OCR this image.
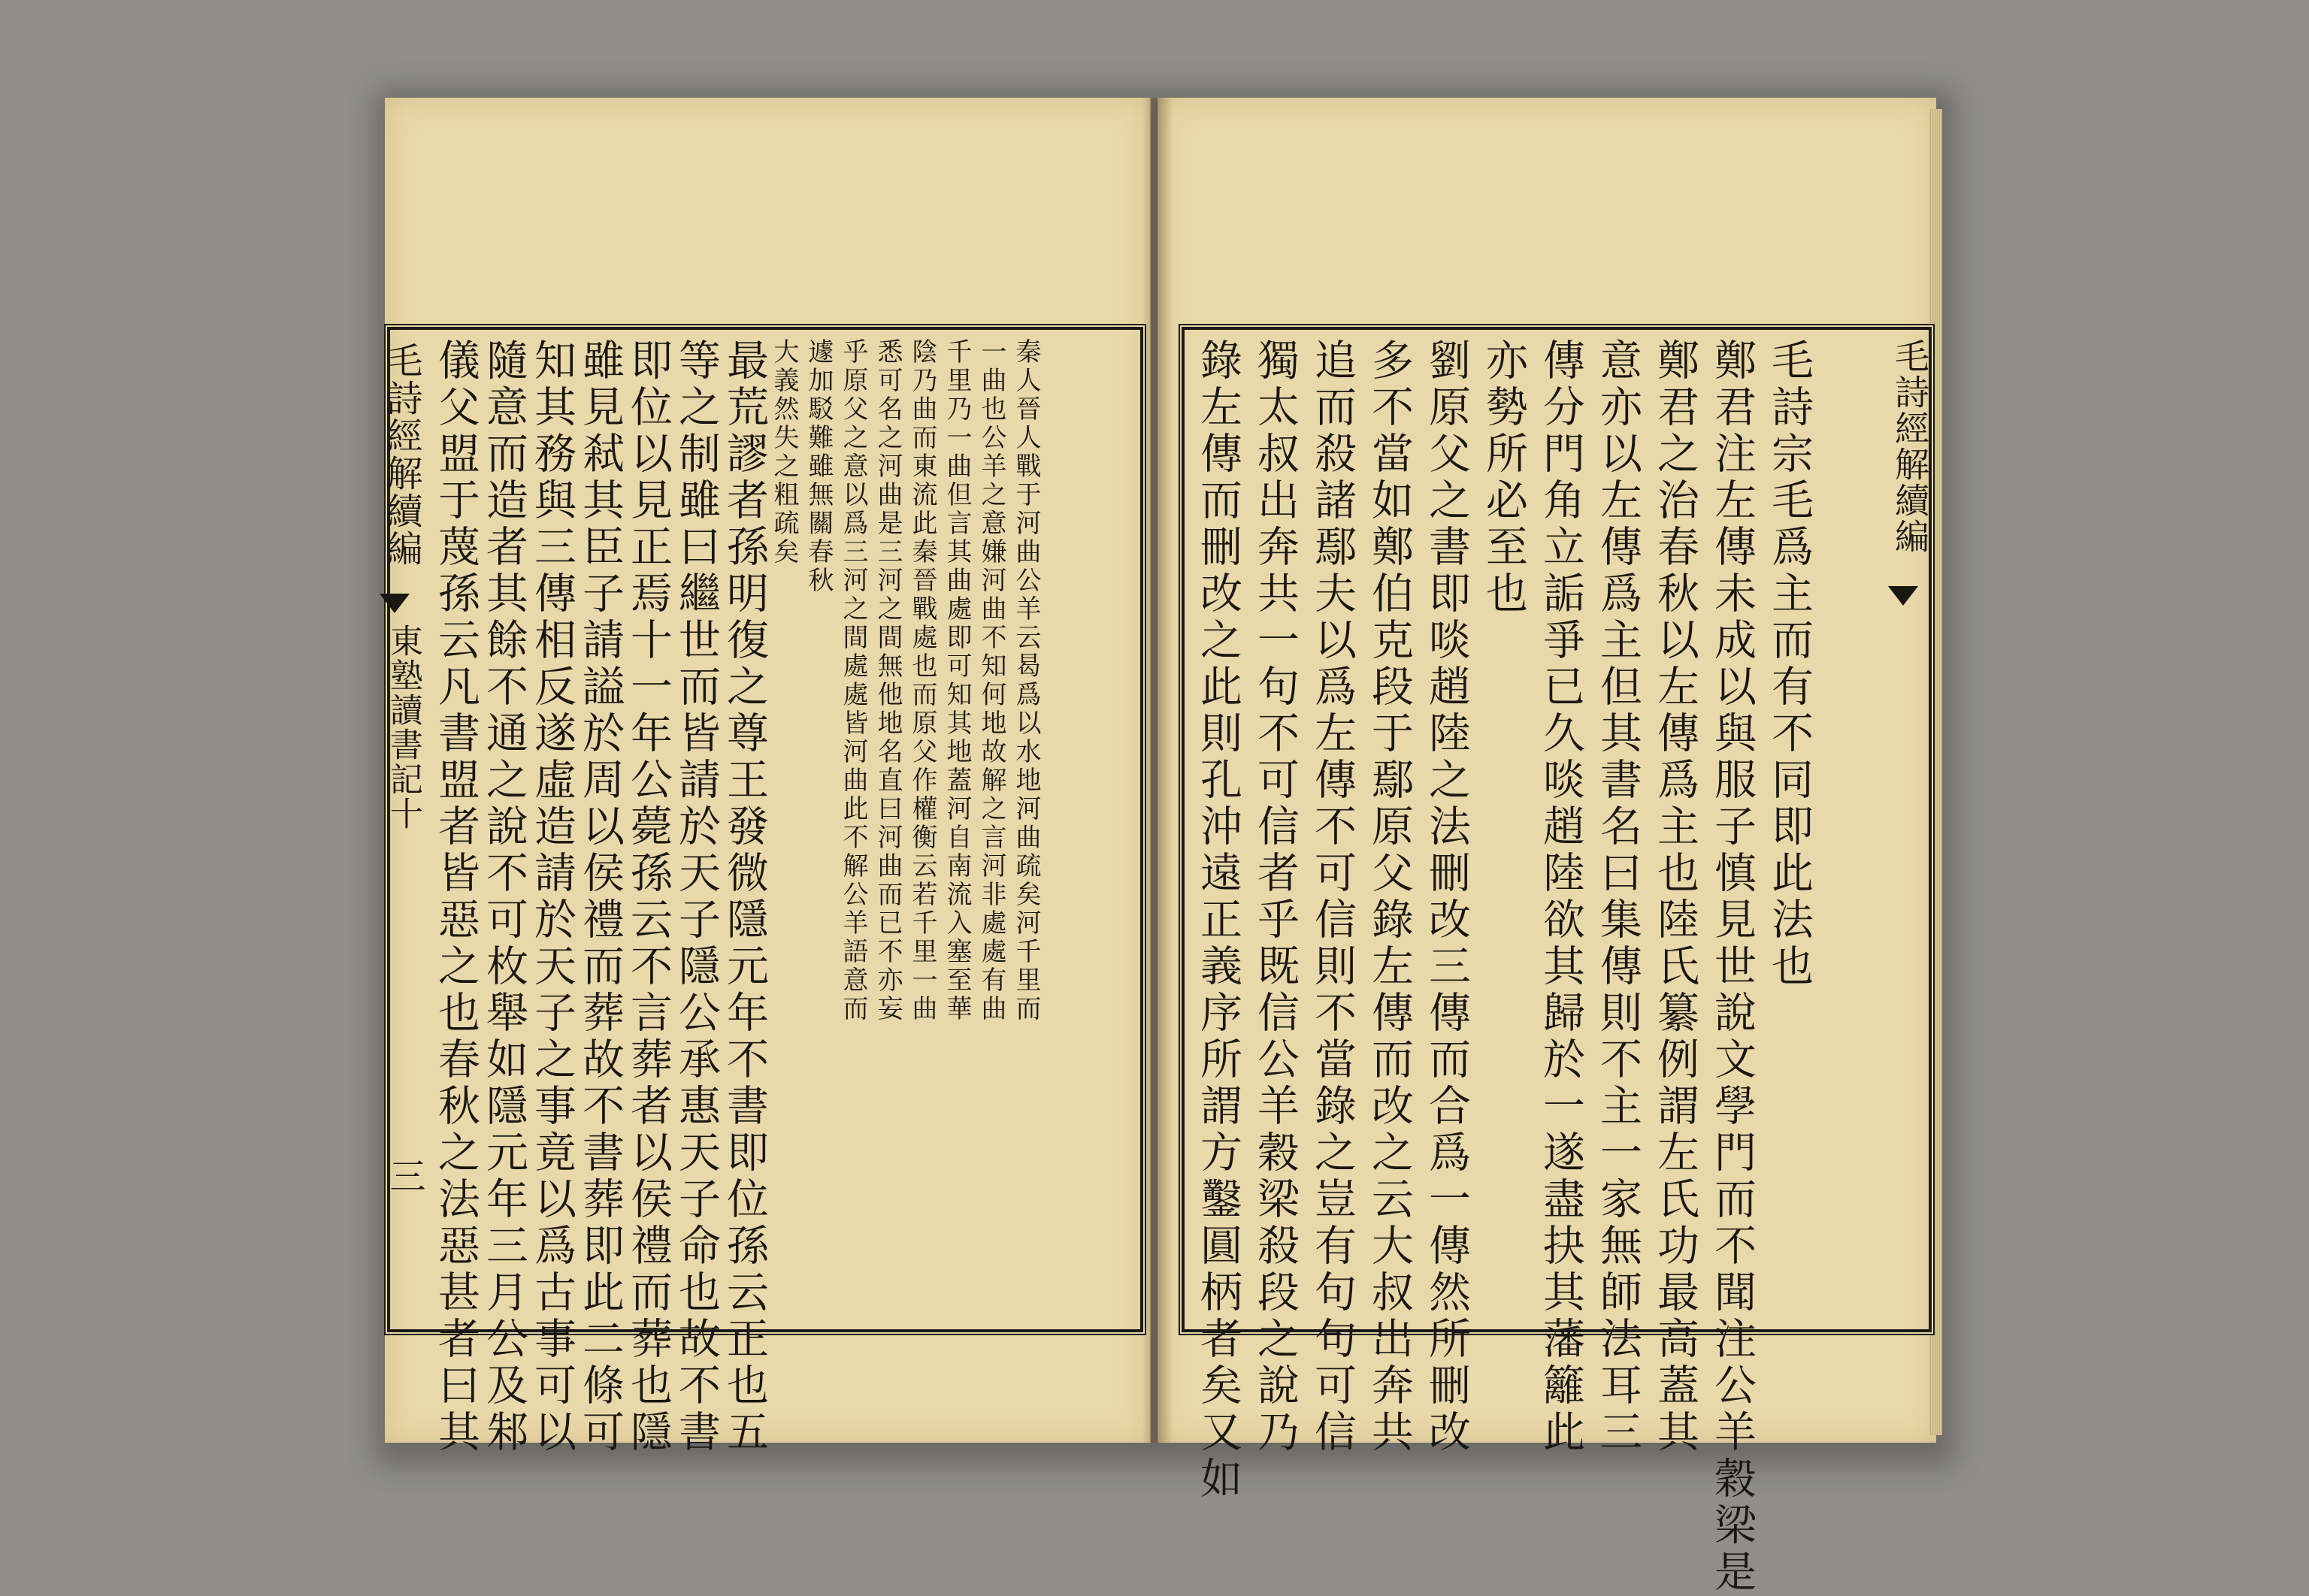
毛詩經解續編
東塾讀書記十
三
毛詩經解續編
儀父盟于蔑孫云凡書盟者皆惡之也春秋之法惡甚者曰其 隨意而造者其餘不通之說不可枚舉如隱元年三月公及邾 知其務與三傳相反遂虛造請於天子之事竟以爲古事可以 雖見弒其臣子請謚於周以侯禮而葬故不書葬即此二條可 即位以見正焉十一年公薨孫云不言葬者以侯禮而葬也隱 等之制雖曰繼世而皆請於天子隱公承惠天子命也故不書 最荒謬者孫明復之尊王發微隱元年不書即位孫云正也五 大義然失之粗疏矣 遽加駁難雖無關春秋 乎原父之意以爲三河之間處處皆河曲此不解公羊語意而 悉可名之河曲是三河之間無他地名直曰河曲而已不亦妄 陰乃曲而東流此秦晉戰處也而原父作權衡云若千里一曲 千里乃一曲但言其曲處即可知其地蓋河自南流入塞至華 一曲也公羊之意嫌河曲不知何地故解之言河非處處有曲 秦人晉人戰于河曲公羊云曷爲以水地河曲疏矣河千里而	錄左傳而刪改之此則孔沖遠正義序所謂方鑿圓柄者矣又如 獨太叔出奔共一句不可信者乎既信公羊穀梁殺段之說乃 追而殺諸鄢夫以爲左傳不可信則不當錄之豈有句句可信 多不當如鄭伯克段于鄢原父錄左傳而改之云大叔出奔共 劉原父之書即啖趙陸之法刪改三傳而合爲一傳然所刪改 亦勢所必至也 傳分門角立詬爭已久啖趙陸欲其歸於一遂盡抉其藩籬此 意亦以左傳爲主但其書名曰集傳則不主一家無師法耳三 鄭君之治春秋以左傳爲主也陸氏纂例謂左氏功最高蓋其 鄭君注左傳未成以與服子慎見世說文學門而不聞注公羊穀梁是 毛詩宗毛爲主而有不同即此法也
